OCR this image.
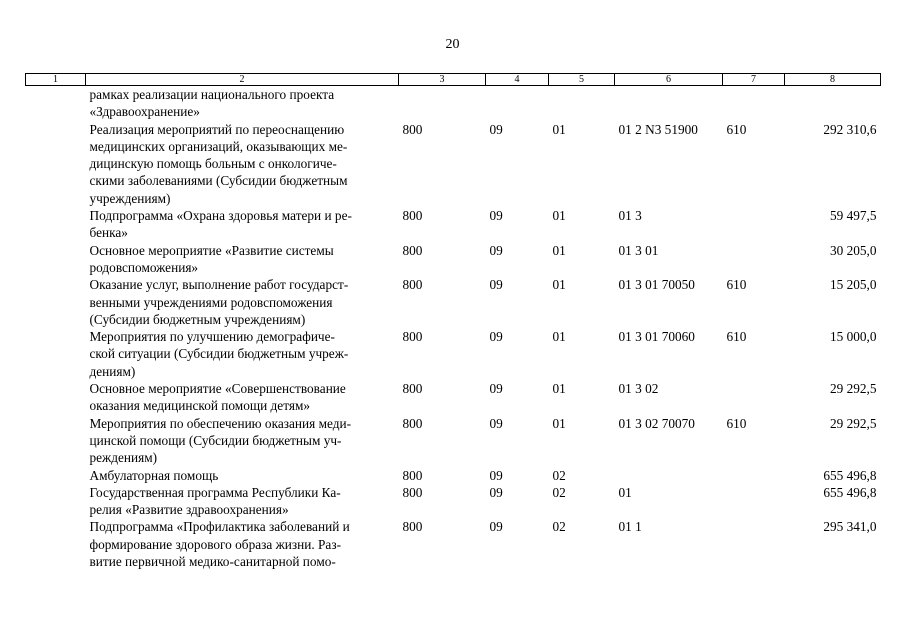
20
1	2	3	4	5	6	7	8
	рамках реализации национального проекта
«Здравоохранение»						
	Реализация мероприятий по переоснащению
медицинских организаций, оказывающих ме-
дицинскую помощь больным с онкологиче-
скими заболеваниями (Субсидии бюджетным
учреждениям)	800	09	01	01 2 N3 51900	610	292 310,6
	Подпрограмма «Охрана здоровья матери и ре-
бенка»	800	09	01	01 3		59 497,5
	Основное мероприятие «Развитие системы
родовспоможения»	800	09	01	01 3 01		30 205,0
	Оказание услуг, выполнение работ государст-
венными учреждениями родовспоможения
(Субсидии бюджетным учреждениям)	800	09	01	01 3 01 70050	610	15 205,0
	Мероприятия по улучшению демографиче-
ской ситуации (Субсидии бюджетным учреж-
дениям)	800	09	01	01 3 01 70060	610	15 000,0
	Основное мероприятие «Совершенствование
оказания медицинской помощи детям»	800	09	01	01 3 02		29 292,5
	Мероприятия по обеспечению оказания меди-
цинской помощи (Субсидии бюджетным уч-
реждениям)	800	09	01	01 3 02 70070	610	29 292,5
	Амбулаторная помощь	800	09	02			655 496,8
	Государственная программа Республики Ка-
релия «Развитие здравоохранения»	800	09	02	01		655 496,8
	Подпрограмма «Профилактика заболеваний и
формирование здорового образа жизни. Раз-
витие первичной медико-санитарной помо-	800	09	02	01 1		295 341,0
